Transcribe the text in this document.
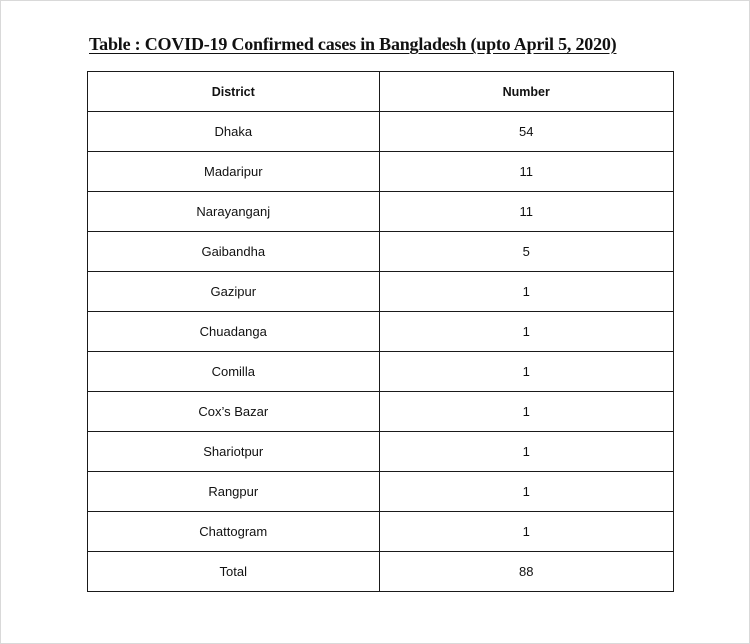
Table : COVID-19 Confirmed cases in Bangladesh (upto April 5, 2020)
District	Number
Dhaka	54
Madaripur	11
Narayanganj	11
Gaibandha	5
Gazipur	1
Chuadanga	1
Comilla	1
Cox’s Bazar	1
Shariotpur	1
Rangpur	1
Chattogram	1
Total	88
